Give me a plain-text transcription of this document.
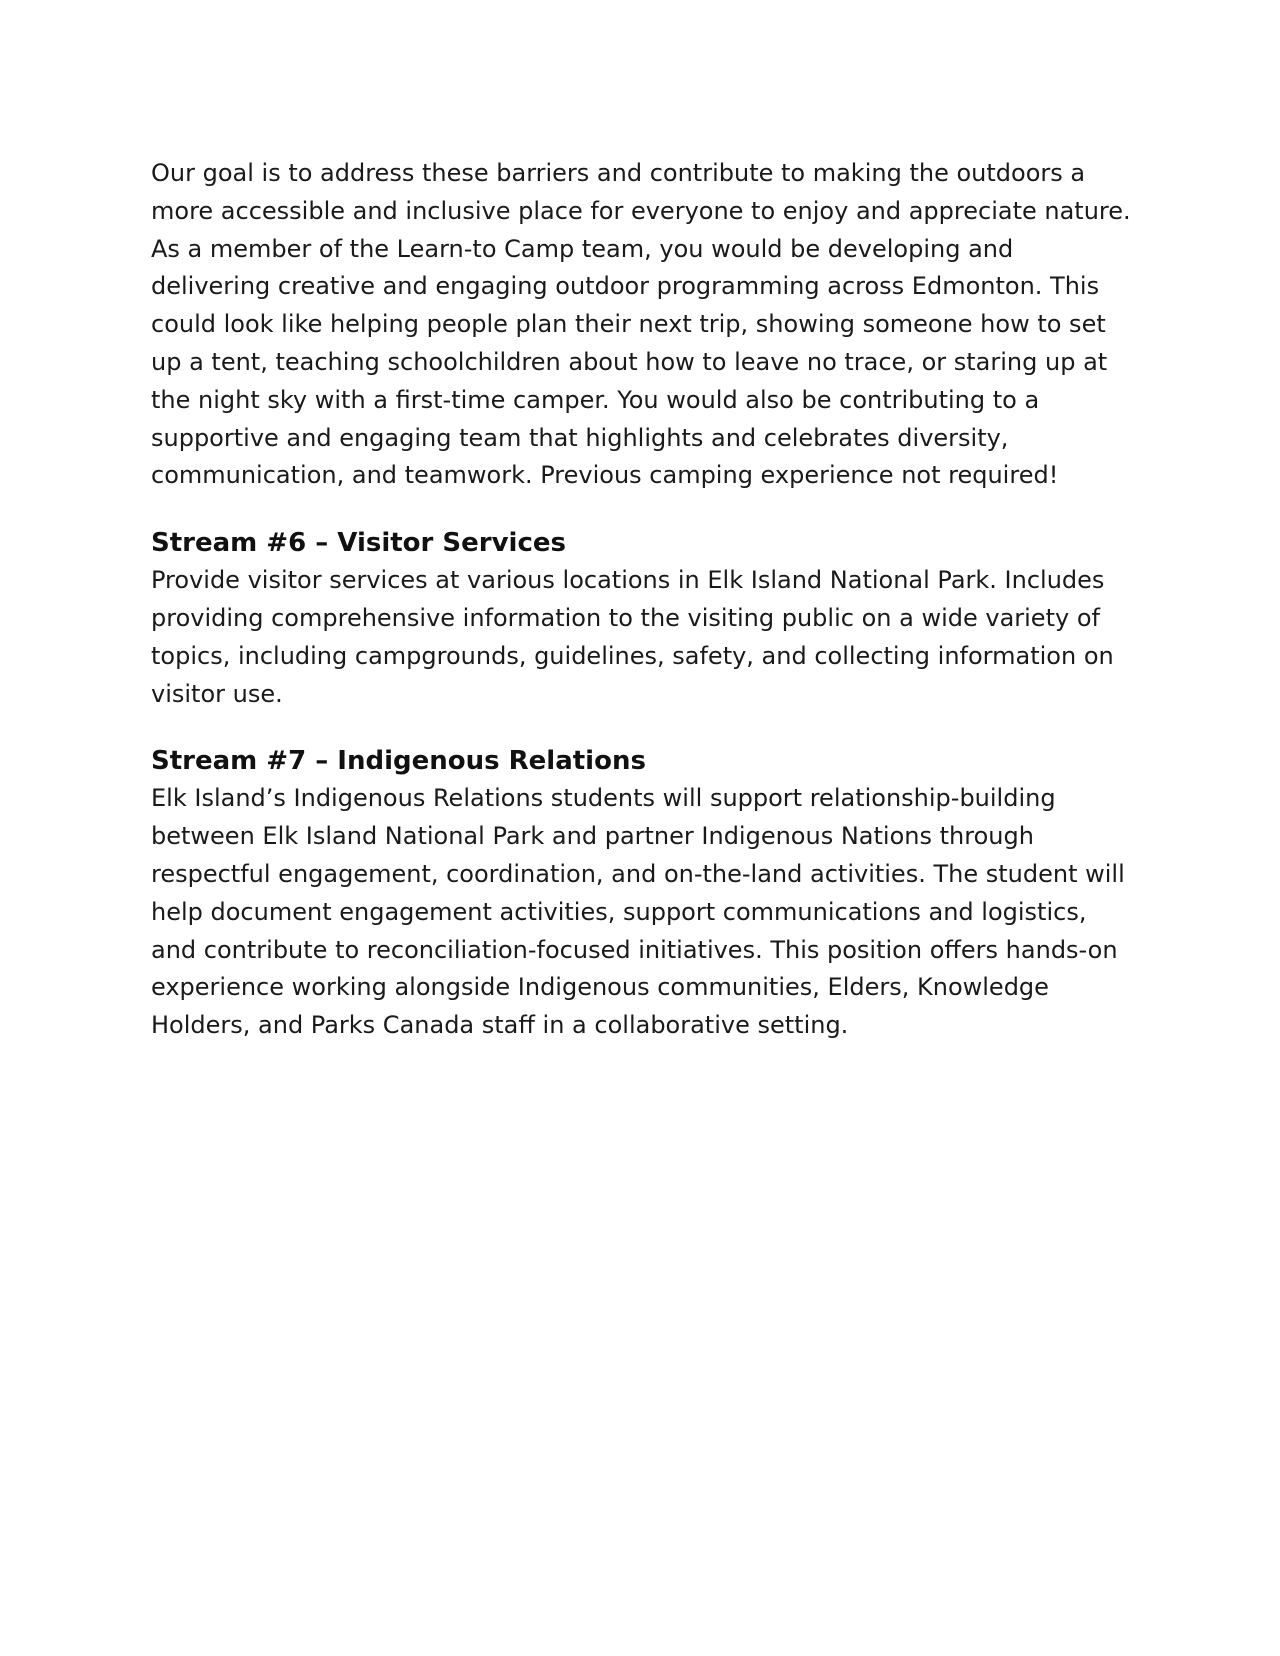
Our goal is to address these barriers and contribute to making the outdoors a more accessible and inclusive place for everyone to enjoy and appreciate nature. As a member of the Learn-to Camp team, you would be developing and delivering creative and engaging outdoor programming across Edmonton. This could look like helping people plan their next trip, showing someone how to set up a tent, teaching schoolchildren about how to leave no trace, or staring up at the night sky with a first-time camper. You would also be contributing to a supportive and engaging team that highlights and celebrates diversity, communication, and teamwork. Previous camping experience not required!

Stream #6 – Visitor Services

Provide visitor services at various locations in Elk Island National Park. Includes providing comprehensive information to the visiting public on a wide variety of topics, including campgrounds, guidelines, safety, and collecting information on visitor use.

Stream #7 – Indigenous Relations

Elk Island’s Indigenous Relations students will support relationship-building between Elk Island National Park and partner Indigenous Nations through respectful engagement, coordination, and on-the-land activities. The student will help document engagement activities, support communications and logistics, and contribute to reconciliation-focused initiatives. This position offers hands-on experience working alongside Indigenous communities, Elders, Knowledge Holders, and Parks Canada staff in a collaborative setting.
